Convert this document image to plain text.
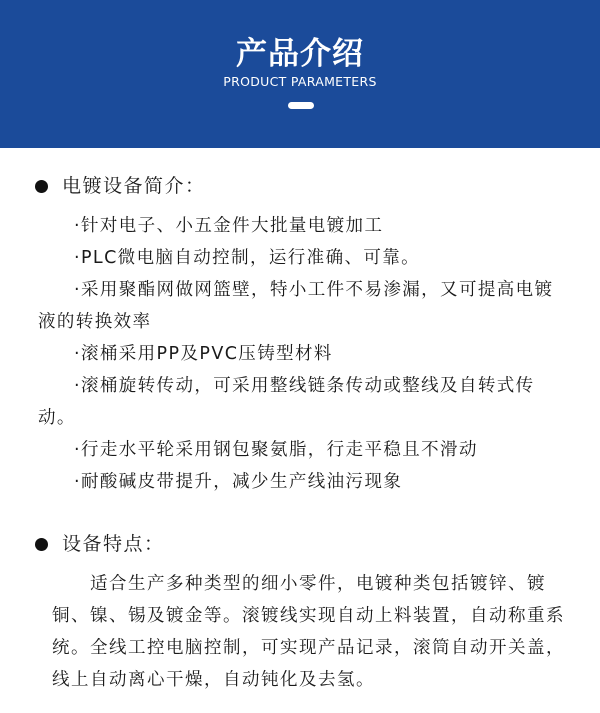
产品介绍
PRODUCT PARAMETERS
电镀设备简介：
·针对电子、小五金件大批量电镀加工
·PLC微电脑自动控制，运行准确、可靠。
·采用聚酯网做网篮壁，特小工件不易渗漏，又可提高电镀液的转换效率
·滚桶采用PP及PVC压铸型材料
·滚桶旋转传动，可采用整线链条传动或整线及自转式传动。
·行走水平轮采用钢包聚氨脂，行走平稳且不滑动
·耐酸碱皮带提升，减少生产线油污现象
设备特点：

适合生产多种类型的细小零件，电镀种类包括镀锌、镀铜、镍、锡及镀金等。滚镀线实现自动上料装置，自动称重系统。全线工控电脑控制，可实现产品记录，滚筒自动开关盖，线上自动离心干燥，自动钝化及去氢。
